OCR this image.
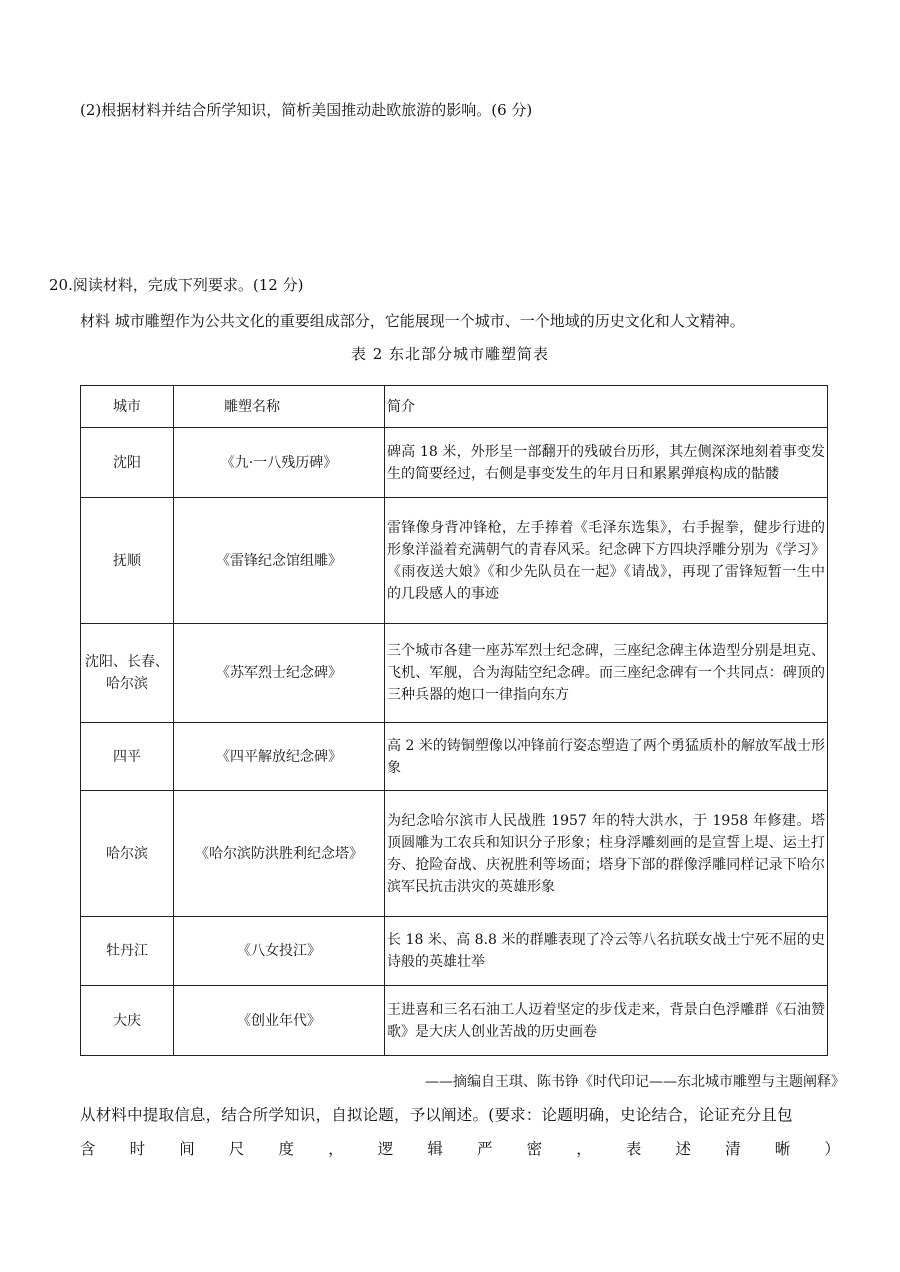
(2)根据材料并结合所学知识，简析美国推动赴欧旅游的影响。(6 分)
20.阅读材料，完成下列要求。(12 分)
材料 城市雕塑作为公共文化的重要组成部分，它能展现一个城市、一个地域的历史文化和人文精神。
表 2 东北部分城市雕塑简表
城市	雕塑名称	简介
沈阳	《九·一八残历碑》	碑高 18 米，外形呈一部翻开的残破台历形，其左侧深深地刻着事变发生的简要经过，右侧是事变发生的年月日和累累弹痕构成的骷髅
抚顺	《雷锋纪念馆组雕》	雷锋像身背冲锋枪，左手捧着《毛泽东选集》，右手握拳，健步行进的形象洋溢着充满朝气的青春风采。纪念碑下方四块浮雕分别为《学习》《雨夜送大娘》《和少先队员在一起》《请战》，再现了雷锋短暂一生中的几段感人的事迹
沈阳、长春、哈尔滨	《苏军烈士纪念碑》	三个城市各建一座苏军烈士纪念碑，三座纪念碑主体造型分别是坦克、飞机、军舰，合为海陆空纪念碑。而三座纪念碑有一个共同点：碑顶的三种兵器的炮口一律指向东方
四平	《四平解放纪念碑》	高 2 米的铸铜塑像以冲锋前行姿态塑造了两个勇猛质朴的解放军战士形象
哈尔滨	《哈尔滨防洪胜利纪念塔》	为纪念哈尔滨市人民战胜 1957 年的特大洪水，于 1958 年修建。塔顶圆雕为工农兵和知识分子形象；柱身浮雕刻画的是宣誓上堤、运土打夯、抢险奋战、庆祝胜利等场面；塔身下部的群像浮雕同样记录下哈尔滨军民抗击洪灾的英雄形象
牡丹江	《八女投江》	长 18 米、高 8.8 米的群雕表现了冷云等八名抗联女战士宁死不屈的史诗般的英雄壮举
大庆	《创业年代》	王进喜和三名石油工人迈着坚定的步伐走来，背景白色浮雕群《石油赞歌》是大庆人创业苦战的历史画卷
——摘编自王琪、陈书铮《时代印记——东北城市雕塑与主题阐释》
从材料中提取信息，结合所学知识，自拟论题，予以阐述。(要求：论题明确，史论结合，论证充分且包
含 时 间 尺 度 ， 逻 辑 严 密 ， 表 述 清 晰 ）
